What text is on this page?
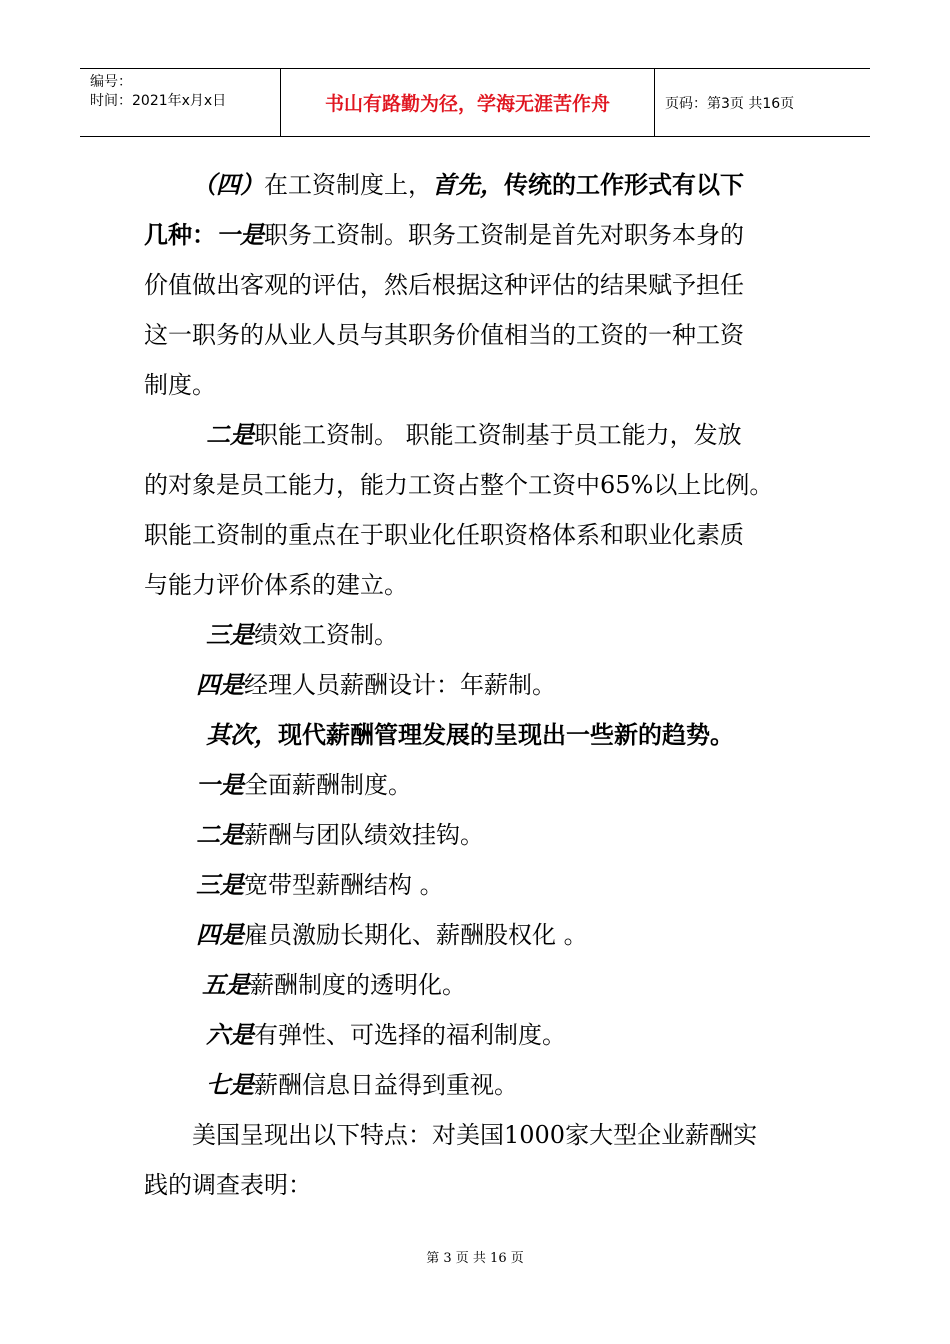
编号：
时间：2021年x月x日	书山有路勤为径，学海无涯苦作舟	页码：第3页 共16页
（四）在工资制度上，首先，传统的工作形式有以下
几种：一是职务工资制。职务工资制是首先对职务本身的
价值做出客观的评估，然后根据这种评估的结果赋予担任
这一职务的从业人员与其职务价值相当的工资的一种工资
制度。
二是职能工资制。 职能工资制基于员工能力，发放
的对象是员工能力，能力工资占整个工资中65%以上比例。
职能工资制的重点在于职业化任职资格体系和职业化素质
与能力评价体系的建立。
三是绩效工资制。
四是经理人员薪酬设计：年薪制。
其次，现代薪酬管理发展的呈现出一些新的趋势。
一是全面薪酬制度。
二是薪酬与团队绩效挂钩。
三是宽带型薪酬结构 。
四是雇员激励长期化、薪酬股权化 。
五是薪酬制度的透明化。
六是有弹性、可选择的福利制度。
七是薪酬信息日益得到重视。
美国呈现出以下特点：对美国1000家大型企业薪酬实
践的调查表明：
第 3 页 共 16 页
